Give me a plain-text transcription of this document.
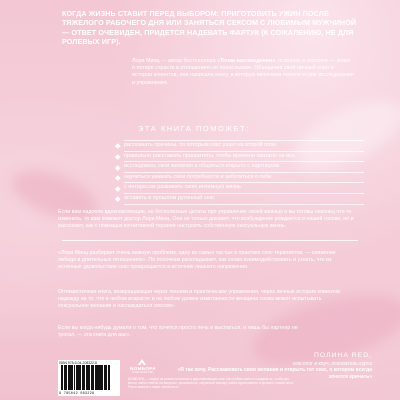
КОГДА ЖИЗНЬ СТАВИТ ПЕРЕД ВЫБОРОМ: ПРИГОТОВИТЬ УЖИН ПОСЛЕ ТЯЖЕЛОГО РАБОЧЕГО ДНЯ ИЛИ ЗАНЯТЬСЯ СЕКСОМ С ЛЮБИМЫМ МУЖЧИНОЙ — ОТВЕТ ОЧЕВИДЕН, ПРИДЕТСЯ НАДЕВАТЬ ФАРТУК (К СОЖАЛЕНИЮ, НЕ ДЛЯ РОЛЕВЫХ ИГР).
Лори Минц — автор бестселлера «Точка наслаждения», психолог и сексолог — знает о потере страсти в отношениях не понаслышке. Объединив свой личный опыт и истории клиентов, она написала книгу, в которую включила тематические исследования и упражнения.
ЭТА КНИГА ПОМОЖЕТ:
распознать причины, по которым секс ушел на второй план
правильно расставить приоритеты, чтобы времени хватало на все
исследовать свои желания и общаться открыто с партнером
научиться уважать свои потребности и заботиться о себе
с интересом развивать свою интимную жизнь
оставить в прошлом рутинный секс
Если вам надоели вдохновляющие, но бесполезные цитаты про управление своей жизнью и вы готовы наконец что-то изменить, то вам поможет доктор Лори Минц. Она не только докажет, что возбуждение рождается в нашей голове, но и расскажет, как с помощью когнитивной терапии настроить собственную сексуальную жизнь.
«Лори Минц разбирает очень важную проблему, одну из самых частых в практике секс-терапевтов, — снижение либидо в длительных отношениях». По полочкам раскладывает, как снова взаимодействовать и узнать, что из истинные удовольствие секс превращается в источник лишнего напряжения.
Оптимистичная книга, возвращающая через техники и практические упражнения, через личные истории клиентов надежду на то, что в любом возрасте и на любом уровне измотанности женщина снова может испытывать сексуальное желание и наслаждаться сексом».
Если вы когда-нибудь думали о том, что хочется просто лечь и выспаться, и лишь бы партнер не трогал, — эта книга для вас».
ПОЛИНА RED,
сексолог и коуч, основатель курса
«Я так хочу. Расскажовать свои желания и открыть тот секс, о котором всегда хочется кричать»
ISBN 978-5-04-208322-8
9 785042 083228
БОМБОРА
ИЗДАТЕЛЬСТВО
БОМБОРА — лидер на рынке полезных и вдохновляющих книг. Мы любим книги и создаем их, чтобы вы могли найти ответы на вопросы, прокачаться, научиться новому, найти вдохновение и прожить новый опыт. Расти вместе с нами. bombora.ru
